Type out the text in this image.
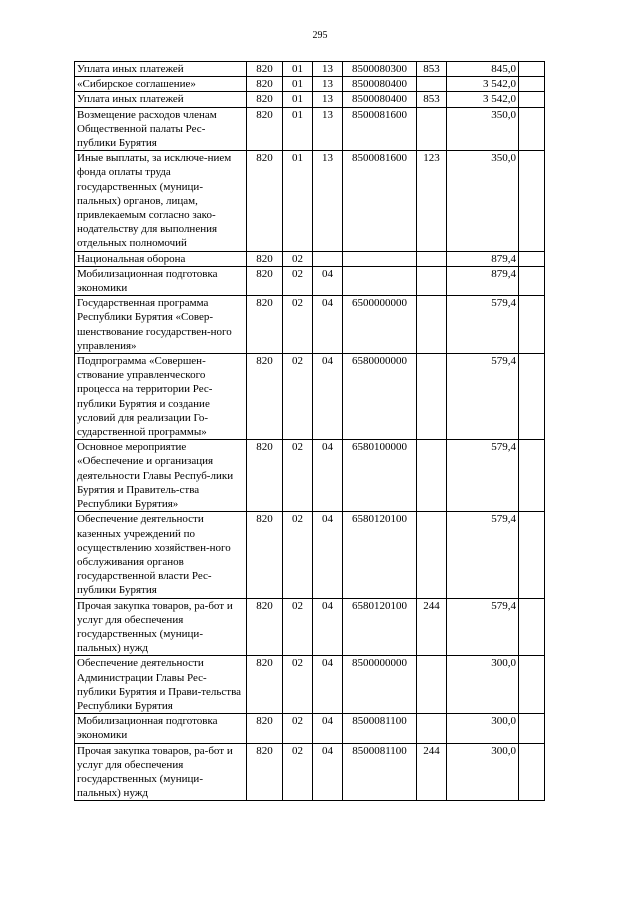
295
Уплата иных платежей	820	01	13	8500080300	853	845,0	
«Сибирское соглашение»	820	01	13	8500080400		3 542,0	
Уплата иных платежей	820	01	13	8500080400	853	3 542,0	
Возмещение расходов членам Общественной палаты Рес-публики Бурятия	820	01	13	8500081600		350,0	
Иные выплаты, за исключе-нием фонда оплаты труда государственных (муници-пальных) органов, лицам, привлекаемым согласно зако-нодательству для выполнения отдельных полномочий	820	01	13	8500081600	123	350,0	
Национальная оборона	820	02				879,4	
Мобилизационная подготовка экономики	820	02	04			879,4	
Государственная программа Республики Бурятия «Совер-шенствование государствен-ного управления»	820	02	04	6500000000		579,4	
Подпрограмма «Совершен-ствование управленческого процесса на территории Рес-публики Бурятия и создание условий для реализации Го-сударственной программы»	820	02	04	6580000000		579,4	
Основное мероприятие «Обеспечение и организация деятельности Главы Респуб-лики Бурятия и Правитель-ства Республики Бурятия»	820	02	04	6580100000		579,4	
Обеспечение деятельности казенных учреждений по осуществлению хозяйствен-ного обслуживания органов государственной власти Рес-публики Бурятия	820	02	04	6580120100		579,4	
Прочая закупка товаров, ра-бот и услуг для обеспечения государственных (муници-пальных) нужд	820	02	04	6580120100	244	579,4	
Обеспечение деятельности Администрации Главы Рес-публики Бурятия и Прави-тельства Республики Бурятия	820	02	04	8500000000		300,0	
Мобилизационная подготовка экономики	820	02	04	8500081100		300,0	
Прочая закупка товаров, ра-бот и услуг для обеспечения государственных (муници-пальных) нужд	820	02	04	8500081100	244	300,0	
